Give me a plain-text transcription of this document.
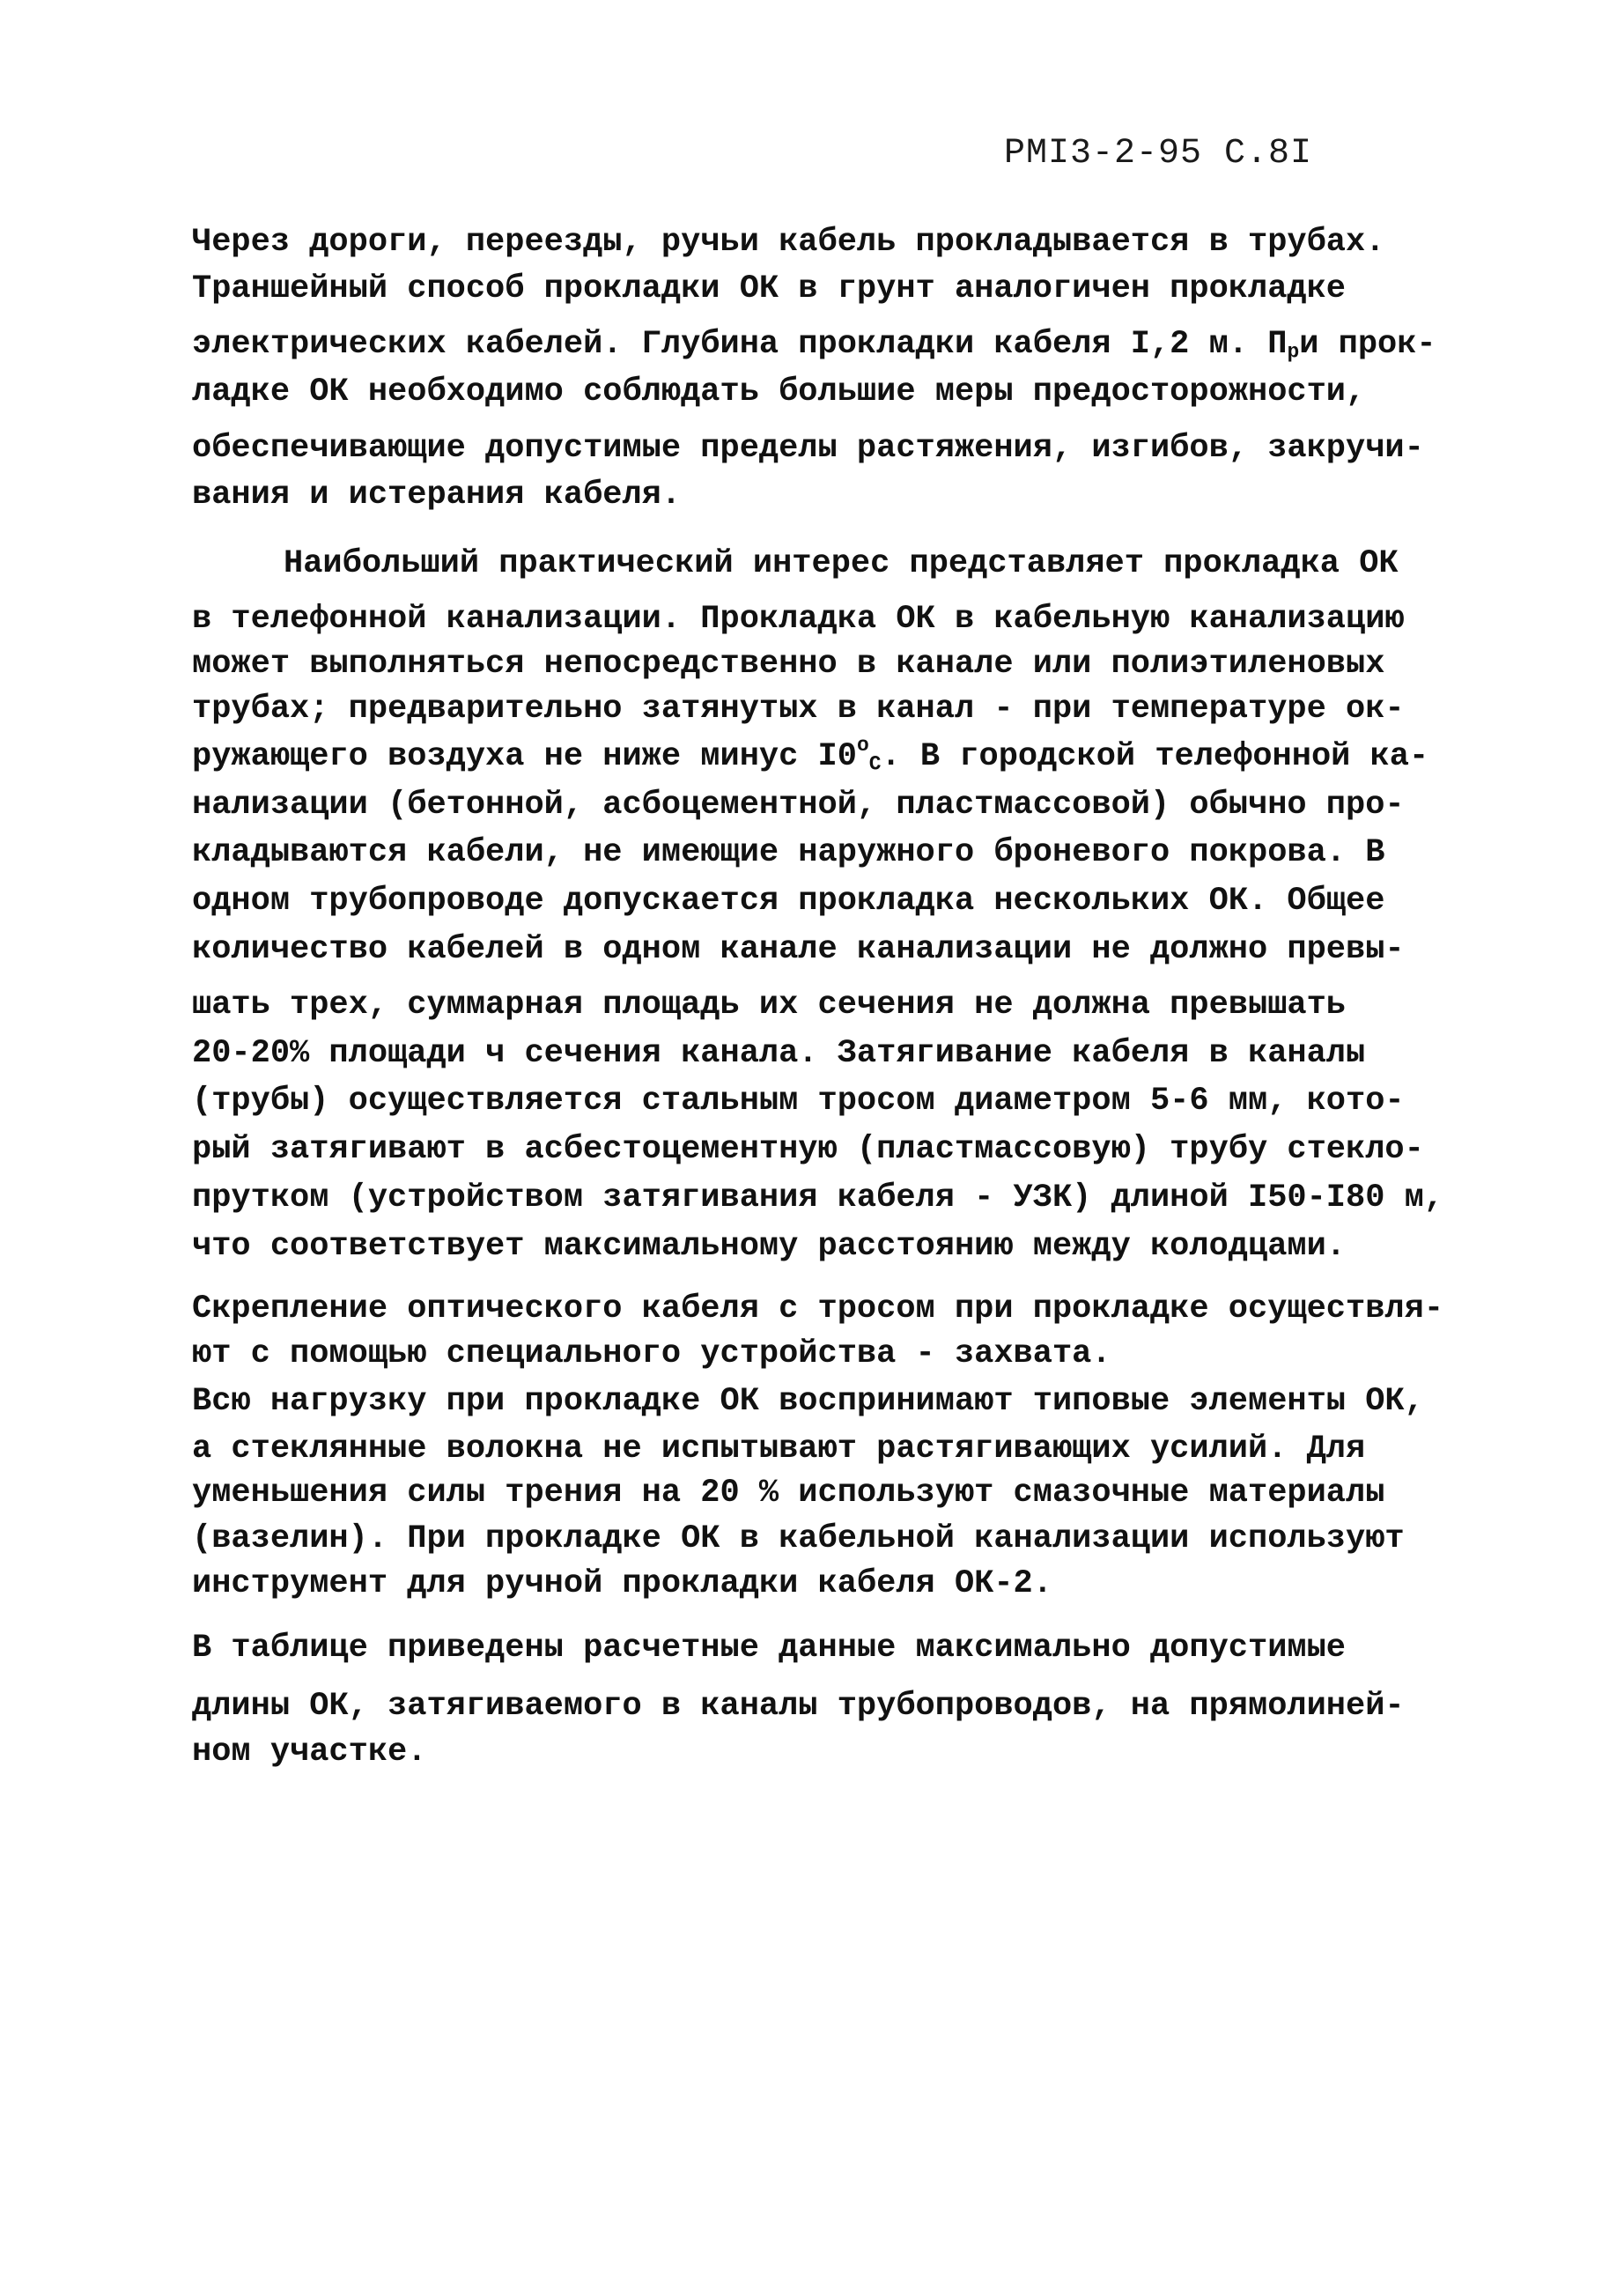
РМI3-2-95 С.8I
Через дороги, переезды, ручьи кабель прокладывается в трубах.
Траншейный способ прокладки ОК в грунт аналогичен прокладке
электрических кабелей. Глубина прокладки кабеля I,2 м. $П_ри$ прок-
ладке ОК необходимо соблюдать большие меры предосторожности,
обеспечивающие допустимые пределы растяжения, изгибов, закручи-
вания и истерания кабеля.
Наибольший практический интерес представляет прокладка ОК
в телефонной канализации. Прокладка ОК в кабельную канализацию
может выполняться непосредственно в канале или полиэтиленовых
трубах; предварительно затянутых в канал - при температуре ок-
ружающего воздуха не ниже минус $I0^о_С$. В городской телефонной ка-
нализации (бетонной, асбоцементной, пластмассовой) обычно про-
кладываются кабели, не имеющие наружного броневого покрова. В
одном трубопроводе допускается прокладка нескольких ОК. Общее
количество кабелей в одном канале канализации не должно превы-
шать трех, суммарная площадь их сечения не должна превышать
20-20% площади ч сечения канала. Затягивание кабеля в каналы
(трубы) осуществляется стальным тросом диаметром 5-6 мм, кото-
рый затягивают в асбестоцементную (пластмассовую) трубу стекло-
прутком (устройством затягивания кабеля - УЗК) длиной I50-I80 м,
что соответствует максимальному расстоянию между колодцами.
Скрепление оптического кабеля с тросом при прокладке осуществля-
ют с помощью специального устройства - захвата.
Всю нагрузку при прокладке ОК воспринимают типовые элементы ОК,
а стеклянные волокна не испытывают растягивающих усилий. Для
уменьшения силы трения на 20 % используют смазочные материалы
(вазелин). При прокладке ОК в кабельной канализации используют
инструмент для ручной прокладки кабеля ОК-2.
В таблице приведены расчетные данные максимально допустимые
длины ОК, затягиваемого в каналы трубопроводов, на прямолиней-
ном участке.
